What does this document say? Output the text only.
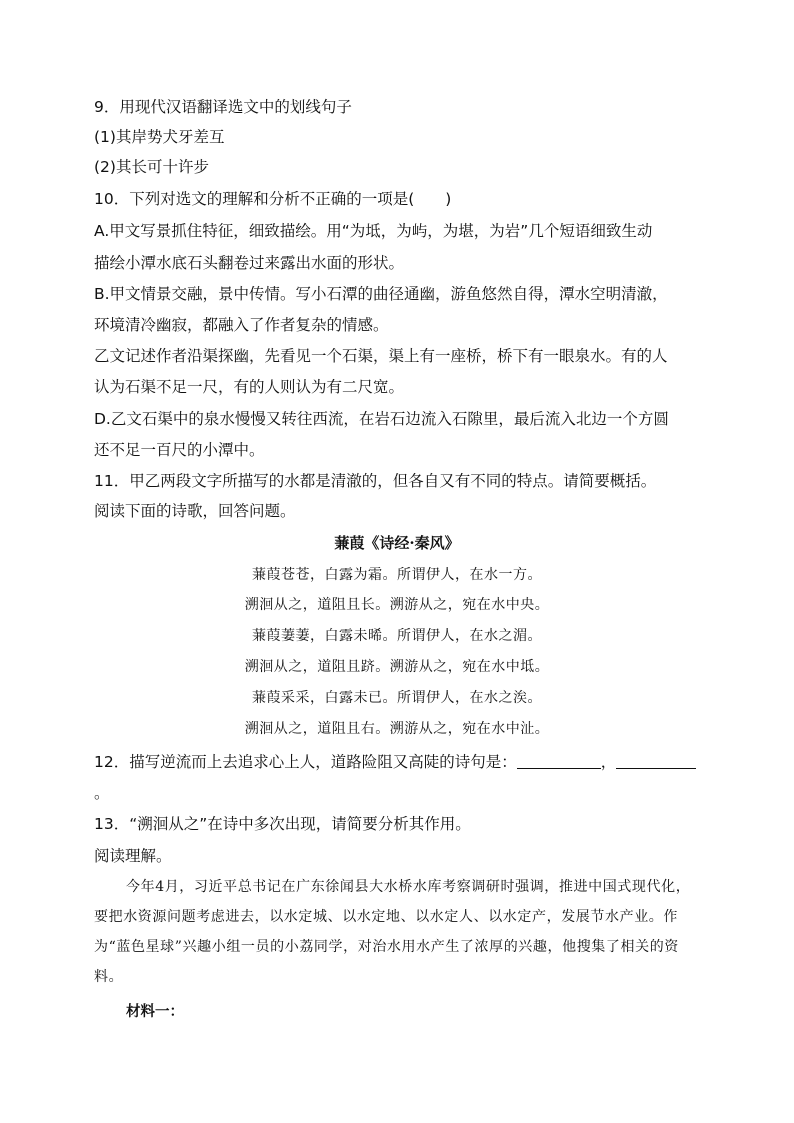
9．用现代汉语翻译选文中的划线句子
(1)其岸势犬牙差互
(2)其长可十许步
10．下列对选文的理解和分析不正确的一项是(　　)
A.甲文写景抓住特征，细致描绘。用“为坻，为屿，为堪，为岩”几个短语细致生动
描绘小潭水底石头翻卷过来露出水面的形状。
B.甲文情景交融，景中传情。写小石潭的曲径通幽，游鱼悠然自得，潭水空明清澈，
环境清冷幽寂，都融入了作者复杂的情感。
乙文记述作者沿渠探幽，先看见一个石渠，渠上有一座桥，桥下有一眼泉水。有的人
认为石渠不足一尺，有的人则认为有二尺宽。
D.乙文石渠中的泉水慢慢又转往西流，在岩石边流入石隙里，最后流入北边一个方圆
还不足一百尺的小潭中。
11．甲乙两段文字所描写的水都是清澈的，但各自又有不同的特点。请简要概括。
阅读下面的诗歌，回答问题。
蒹葭《诗经·秦风》
蒹葭苍苍，白露为霜。所谓伊人，在水一方。
溯洄从之，道阻且长。溯游从之，宛在水中央。
蒹葭萋萋，白露未晞。所谓伊人，在水之湄。
溯洄从之，道阻且跻。溯游从之，宛在水中坻。
蒹葭采采，白露未已。所谓伊人，在水之涘。
溯洄从之，道阻且右。溯游从之，宛在水中沚。
12．描写逆流而上去追求心上人，道路险阻又高陡的诗句是：	，
。
13．“溯洄从之”在诗中多次出现，请简要分析其作用。
阅读理解。
今年4月，习近平总书记在广东徐闻县大水桥水库考察调研时强调，推进中国式现代化，要把水资源问题考虑进去，以水定城、以水定地、以水定人、以水定产，发展节水产业。作为“蓝色星球”兴趣小组一员的小荔同学，对治水用水产生了浓厚的兴趣，他搜集了相关的资料。
材料一：
